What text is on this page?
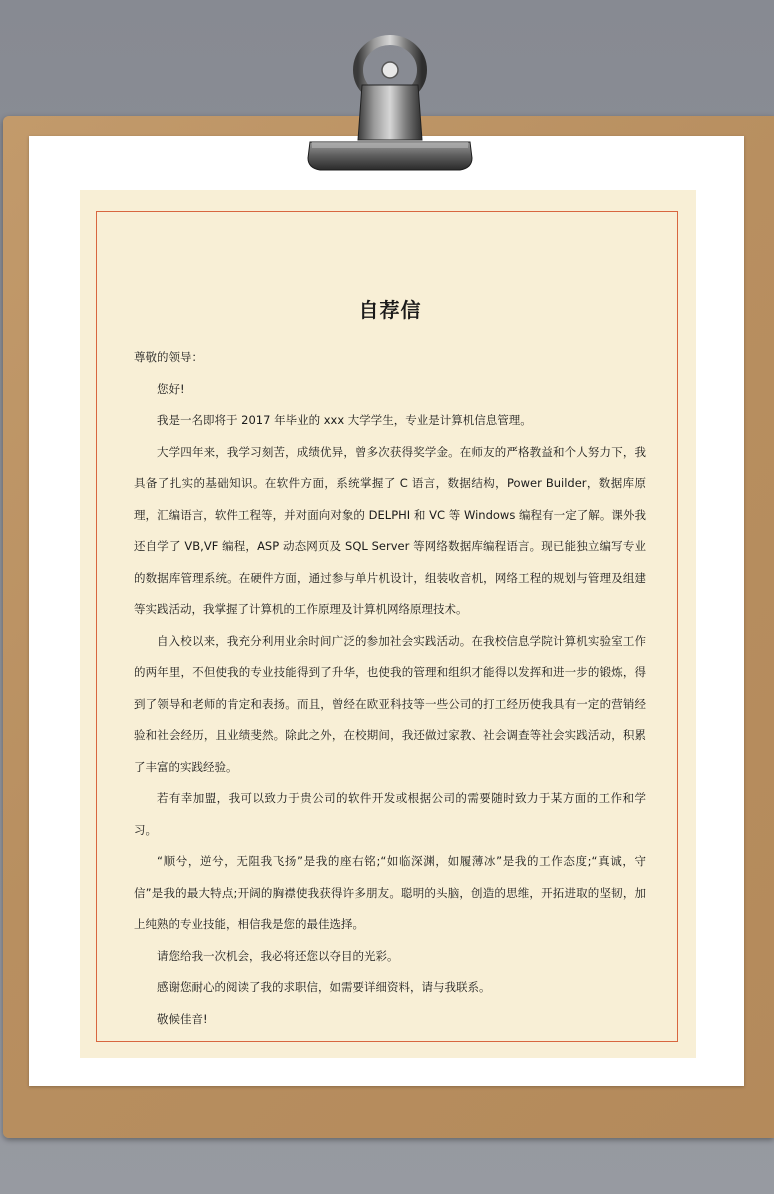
自荐信

尊敬的领导：

您好!

我是一名即将于 2017 年毕业的 xxx 大学学生，专业是计算机信息管理。

大学四年来，我学习刻苦，成绩优异，曾多次获得奖学金。在师友的严格教益和个人努力下，我具备了扎实的基础知识。在软件方面，系统掌握了 C 语言，数据结构，Power Builder，数据库原理，汇编语言，软件工程等，并对面向对象的 DELPHI 和 VC 等 Windows 编程有一定了解。课外我还自学了 VB,VF 编程，ASP 动态网页及 SQL Server 等网络数据库编程语言。现已能独立编写专业的数据库管理系统。在硬件方面，通过参与单片机设计，组装收音机，网络工程的规划与管理及组建等实践活动，我掌握了计算机的工作原理及计算机网络原理技术。

自入校以来，我充分利用业余时间广泛的参加社会实践活动。在我校信息学院计算机实验室工作的两年里，不但使我的专业技能得到了升华，也使我的管理和组织才能得以发挥和进一步的锻炼，得到了领导和老师的肯定和表扬。而且，曾经在欧亚科技等一些公司的打工经历使我具有一定的营销经验和社会经历，且业绩斐然。除此之外，在校期间，我还做过家教、社会调查等社会实践活动，积累了丰富的实践经验。

若有幸加盟，我可以致力于贵公司的软件开发或根据公司的需要随时致力于某方面的工作和学习。

“顺兮，逆兮，无阻我飞扬”是我的座右铭;“如临深渊，如履薄冰”是我的工作态度;“真诚，守信”是我的最大特点;开阔的胸襟使我获得许多朋友。聪明的头脑，创造的思维，开拓进取的坚韧，加上纯熟的专业技能，相信我是您的最佳选择。

请您给我一次机会，我必将还您以夺目的光彩。

感谢您耐心的阅读了我的求职信，如需要详细资料，请与我联系。

敬候佳音!
